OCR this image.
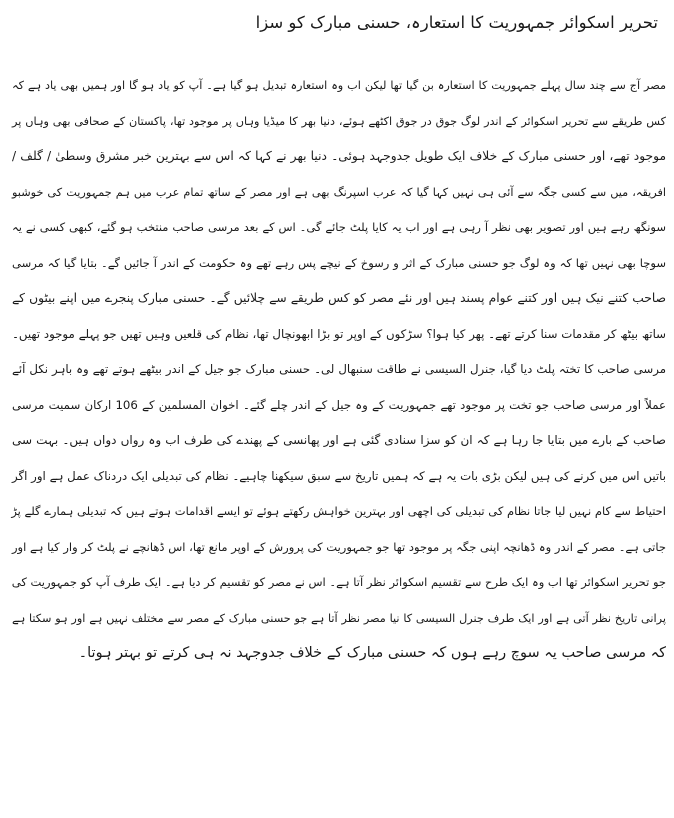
تحریر اسکوائر جمہوریت کا استعارہ، حسنی مبارک کو سزا
مصر آج سے چند سال پہلے جمہوریت کا استعارہ بن گیا تھا لیکن اب وہ استعارہ تبدیل ہو گیا ہے۔ آپ کو یاد ہو گا اور ہمیں بھی یاد ہے کہ
کس طریقے سے تحریر اسکوائر کے اندر لوگ جوق در جوق اکٹھے ہوئے، دنیا بھر کا میڈیا وہاں پر موجود تھا، پاکستان کے صحافی بھی وہاں پر
موجود تھے، اور حسنی مبارک کے خلاف ایک طویل جدوجہد ہوئی۔ دنیا بھر نے کہا کہ اس سے بہترین خبر مشرق وسطیٰ / گلف /
افریقہ، میں سے کسی جگہ سے آئی ہی نہیں کہا گیا کہ عرب اسپرنگ بھی ہے اور مصر کے ساتھ تمام عرب میں ہم جمہوریت کی خوشبو
سونگھ رہے ہیں اور تصویر بھی نظر آ رہی ہے اور اب یہ کایا پلٹ جائے گی۔ اس کے بعد مرسی صاحب منتخب ہو گئے، کبھی کسی نے یہ
سوچا بھی نہیں تھا کہ وہ لوگ جو حسنی مبارک کے اثر و رسوخ کے نیچے پس رہے تھے وہ حکومت کے اندر آ جائیں گے۔ بتایا گیا کہ مرسی
صاحب کتنے نیک ہیں اور کتنے عوام پسند ہیں اور نئے مصر کو کس طریقے سے چلائیں گے۔ حسنی مبارک پنجرے میں اپنے بیٹوں کے
ساتھ بیٹھ کر مقدمات سنا کرتے تھے۔ پھر کیا ہوا؟ سڑکوں کے اوپر تو بڑا ابھونچال تھا، نظام کی قلعیں وہیں تھیں جو پہلے موجود تھیں۔
مرسی صاحب کا تختہ پلٹ دیا گیا، جنرل السیسی نے طاقت سنبھال لی۔ حسنی مبارک جو جیل کے اندر بیٹھے ہوتے تھے وہ باہر نکل آئے
عملاً اور مرسی صاحب جو تخت پر موجود تھے جمہوریت کے وہ جیل کے اندر چلے گئے۔ اخوان المسلمین کے 106 ارکان سمیت مرسی
صاحب کے بارے میں بتایا جا رہا ہے کہ ان کو سزا سنادی گئی ہے اور پھانسی کے پھندے کی طرف اب وہ رواں دواں ہیں۔ بہت سی
باتیں اس میں کرنے کی ہیں لیکن بڑی بات یہ ہے کہ ہمیں تاریخ سے سبق سیکھنا چاہیے۔ نظام کی تبدیلی ایک دردناک عمل ہے اور اگر
احتیاط سے کام نہیں لیا جاتا نظام کی تبدیلی کی اچھی اور بہترین خواہش رکھتے ہوئے تو ایسے اقدامات ہوتے ہیں کہ تبدیلی ہمارے گلے پڑ
جاتی ہے۔ مصر کے اندر وہ ڈھانچہ اپنی جگہ پر موجود تھا جو جمہوریت کی پرورش کے اوپر مانع تھا، اس ڈھانچے نے پلٹ کر وار کیا ہے اور
جو تحریر اسکوائر تھا اب وہ ایک طرح سے تقسیم اسکوائر نظر آتا ہے۔ اس نے مصر کو تقسیم کر دیا ہے۔ ایک طرف آپ کو جمہوریت کی
پرانی تاریخ نظر آتی ہے اور ایک طرف جنرل السیسی کا نیا مصر نظر آتا ہے جو حسنی مبارک کے مصر سے مختلف نہیں ہے اور ہو سکتا ہے
کہ مرسی صاحب یہ سوچ رہے ہوں کہ حسنی مبارک کے خلاف جدوجہد نہ ہی کرتے تو بہتر ہوتا۔
